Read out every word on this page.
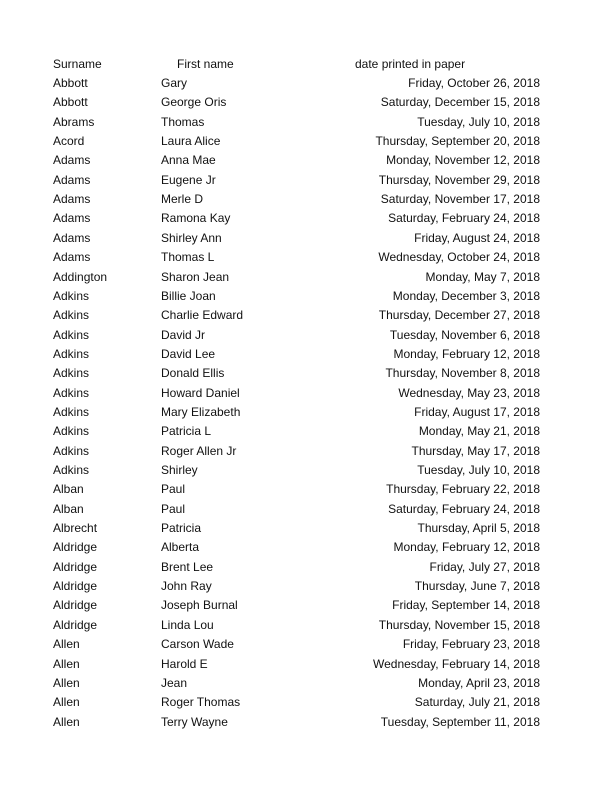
Surname	First name	date printed in paper
Abbott	Gary	Friday, October 26, 2018
Abbott	George Oris	Saturday, December 15, 2018
Abrams	Thomas	Tuesday, July 10, 2018
Acord	Laura Alice	Thursday, September 20, 2018
Adams	Anna Mae	Monday, November 12, 2018
Adams	Eugene Jr	Thursday, November 29, 2018
Adams	Merle D	Saturday, November 17, 2018
Adams	Ramona Kay	Saturday, February 24, 2018
Adams	Shirley Ann	Friday, August 24, 2018
Adams	Thomas L	Wednesday, October 24, 2018
Addington	Sharon Jean	Monday, May 7, 2018
Adkins	Billie Joan	Monday, December 3, 2018
Adkins	Charlie Edward	Thursday, December 27, 2018
Adkins	David Jr	Tuesday, November 6, 2018
Adkins	David Lee	Monday, February 12, 2018
Adkins	Donald Ellis	Thursday, November 8, 2018
Adkins	Howard Daniel	Wednesday, May 23, 2018
Adkins	Mary Elizabeth	Friday, August 17, 2018
Adkins	Patricia L	Monday, May 21, 2018
Adkins	Roger Allen Jr	Thursday, May 17, 2018
Adkins	Shirley	Tuesday, July 10, 2018
Alban	Paul	Thursday, February 22, 2018
Alban	Paul	Saturday, February 24, 2018
Albrecht	Patricia	Thursday, April 5, 2018
Aldridge	Alberta	Monday, February 12, 2018
Aldridge	Brent Lee	Friday, July 27, 2018
Aldridge	John Ray	Thursday, June 7, 2018
Aldridge	Joseph Burnal	Friday, September 14, 2018
Aldridge	Linda Lou	Thursday, November 15, 2018
Allen	Carson Wade	Friday, February 23, 2018
Allen	Harold E	Wednesday, February 14, 2018
Allen	Jean	Monday, April 23, 2018
Allen	Roger Thomas	Saturday, July 21, 2018
Allen	Terry Wayne	Tuesday, September 11, 2018
